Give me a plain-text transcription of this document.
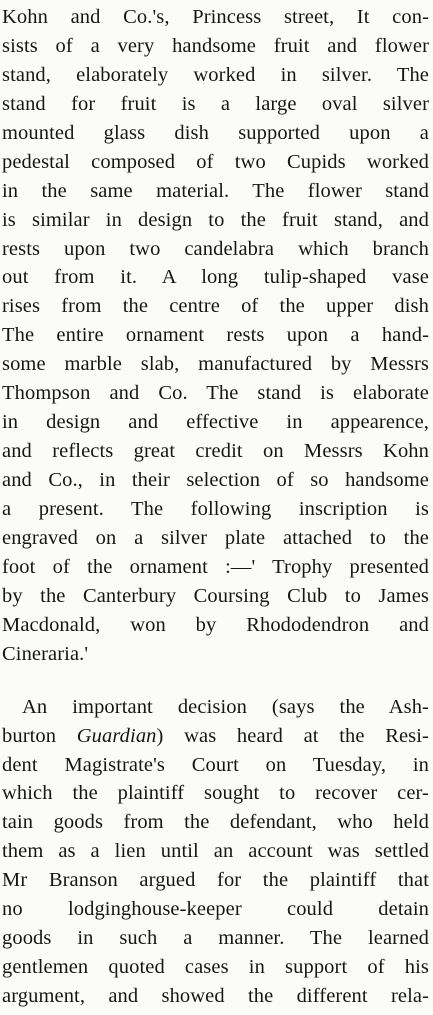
Kohn and Co.'s, Princess street, It con-
sists of a very handsome fruit and flower
stand, elaborately worked in silver. The
stand for fruit is a large oval silver
mounted glass dish supported upon a
pedestal composed of two Cupids worked
in the same material. The flower stand
is similar in design to the fruit stand, and
rests upon two candelabra which branch
out from it. A long tulip-shaped vase
rises from the centre of the upper dish
The entire ornament rests upon a hand-
some marble slab, manufactured by Messrs
Thompson and Co. The stand is elaborate
in design and effective in appearence,
and reflects great credit on Messrs Kohn
and Co., in their selection of so handsome
a present. The following inscription is
engraved on a silver plate attached to the
foot of the ornament :—' Trophy presented
by the Canterbury Coursing Club to James
Macdonald, won by Rhododendron and
Cineraria.'
An important decision (says the Ash-
burton Guardian) was heard at the Resi-
dent Magistrate's Court on Tuesday, in
which the plaintiff sought to recover cer-
tain goods from the defendant, who held
them as a lien until an account was settled
Mr Branson argued for the plaintiff that
no lodginghouse-keeper could detain
goods in such a manner. The learned
gentlemen quoted cases in support of his
argument, and showed the different rela-
